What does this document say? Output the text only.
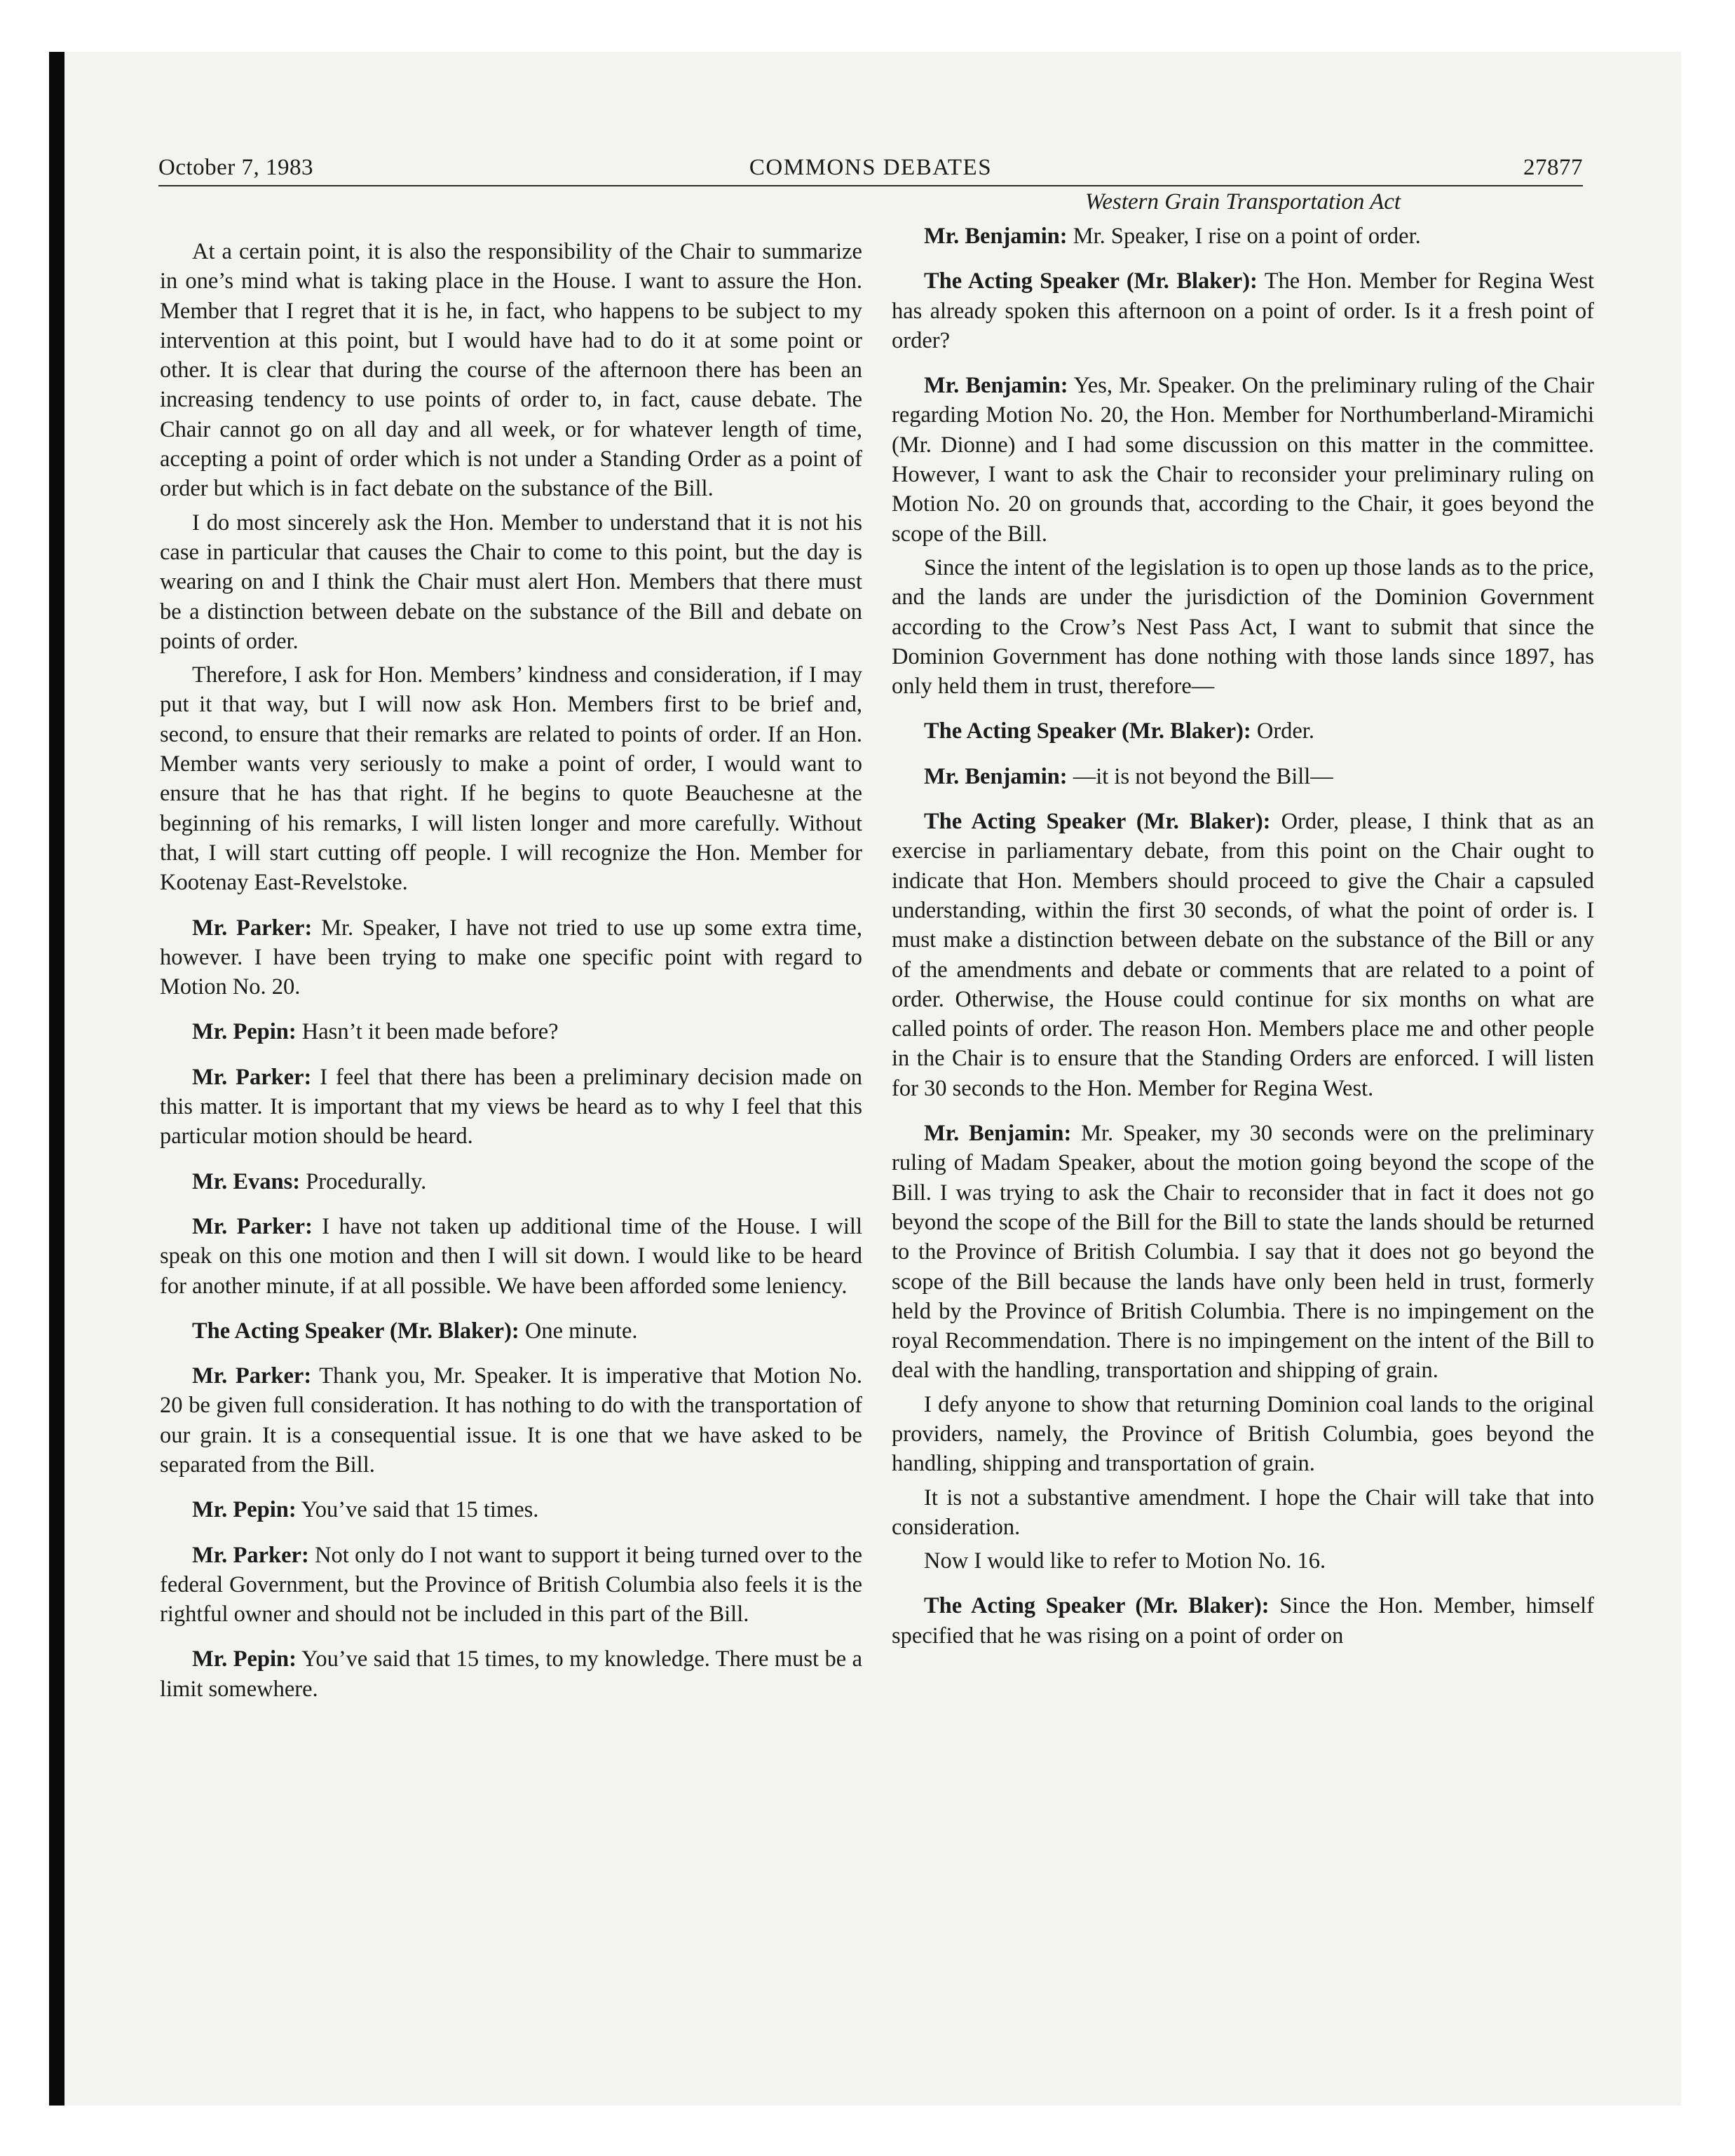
October 7, 1983	COMMONS DEBATES	27877

At a certain point, it is also the responsibility of the Chair to summarize in one’s mind what is taking place in the House. I want to assure the Hon. Member that I regret that it is he, in fact, who happens to be subject to my intervention at this point, but I would have had to do it at some point or other. It is clear that during the course of the afternoon there has been an increasing tendency to use points of order to, in fact, cause debate. The Chair cannot go on all day and all week, or for whatever length of time, accepting a point of order which is not under a Standing Order as a point of order but which is in fact debate on the substance of the Bill.

I do most sincerely ask the Hon. Member to understand that it is not his case in particular that causes the Chair to come to this point, but the day is wearing on and I think the Chair must alert Hon. Members that there must be a distinction between debate on the substance of the Bill and debate on points of order.

Therefore, I ask for Hon. Members’ kindness and consideration, if I may put it that way, but I will now ask Hon. Members first to be brief and, second, to ensure that their remarks are related to points of order. If an Hon. Member wants very seriously to make a point of order, I would want to ensure that he has that right. If he begins to quote Beauchesne at the beginning of his remarks, I will listen longer and more carefully. Without that, I will start cutting off people. I will recognize the Hon. Member for Kootenay East-Revelstoke.

Mr. Parker: Mr. Speaker, I have not tried to use up some extra time, however. I have been trying to make one specific point with regard to Motion No. 20.

Mr. Pepin: Hasn’t it been made before?

Mr. Parker: I feel that there has been a preliminary decision made on this matter. It is important that my views be heard as to why I feel that this particular motion should be heard.

Mr. Evans: Procedurally.

Mr. Parker: I have not taken up additional time of the House. I will speak on this one motion and then I will sit down. I would like to be heard for another minute, if at all possible. We have been afforded some leniency.

The Acting Speaker (Mr. Blaker): One minute.

Mr. Parker: Thank you, Mr. Speaker. It is imperative that Motion No. 20 be given full consideration. It has nothing to do with the transportation of our grain. It is a consequential issue. It is one that we have asked to be separated from the Bill.

Mr. Pepin: You’ve said that 15 times.

Mr. Parker: Not only do I not want to support it being turned over to the federal Government, but the Province of British Columbia also feels it is the rightful owner and should not be included in this part of the Bill.

Mr. Pepin: You’ve said that 15 times, to my knowledge. There must be a limit somewhere.

Western Grain Transportation Act

Mr. Benjamin: Mr. Speaker, I rise on a point of order.

The Acting Speaker (Mr. Blaker): The Hon. Member for Regina West has already spoken this afternoon on a point of order. Is it a fresh point of order?

Mr. Benjamin: Yes, Mr. Speaker. On the preliminary ruling of the Chair regarding Motion No. 20, the Hon. Member for Northumberland-Miramichi (Mr. Dionne) and I had some discussion on this matter in the committee. However, I want to ask the Chair to reconsider your preliminary ruling on Motion No. 20 on grounds that, according to the Chair, it goes beyond the scope of the Bill.

Since the intent of the legislation is to open up those lands as to the price, and the lands are under the jurisdiction of the Dominion Government according to the Crow’s Nest Pass Act, I want to submit that since the Dominion Government has done nothing with those lands since 1897, has only held them in trust, therefore—

The Acting Speaker (Mr. Blaker): Order.

Mr. Benjamin: —it is not beyond the Bill—

The Acting Speaker (Mr. Blaker): Order, please, I think that as an exercise in parliamentary debate, from this point on the Chair ought to indicate that Hon. Members should proceed to give the Chair a capsuled understanding, within the first 30 seconds, of what the point of order is. I must make a distinction between debate on the substance of the Bill or any of the amendments and debate or comments that are related to a point of order. Otherwise, the House could continue for six months on what are called points of order. The reason Hon. Members place me and other people in the Chair is to ensure that the Standing Orders are enforced. I will listen for 30 seconds to the Hon. Member for Regina West.

Mr. Benjamin: Mr. Speaker, my 30 seconds were on the preliminary ruling of Madam Speaker, about the motion going beyond the scope of the Bill. I was trying to ask the Chair to reconsider that in fact it does not go beyond the scope of the Bill for the Bill to state the lands should be returned to the Province of British Columbia. I say that it does not go beyond the scope of the Bill because the lands have only been held in trust, formerly held by the Province of British Columbia. There is no impingement on the royal Recommendation. There is no impingement on the intent of the Bill to deal with the handling, transportation and shipping of grain.

I defy anyone to show that returning Dominion coal lands to the original providers, namely, the Province of British Columbia, goes beyond the handling, shipping and transportation of grain.

It is not a substantive amendment. I hope the Chair will take that into consideration.

Now I would like to refer to Motion No. 16.

The Acting Speaker (Mr. Blaker): Since the Hon. Member, himself specified that he was rising on a point of order on
